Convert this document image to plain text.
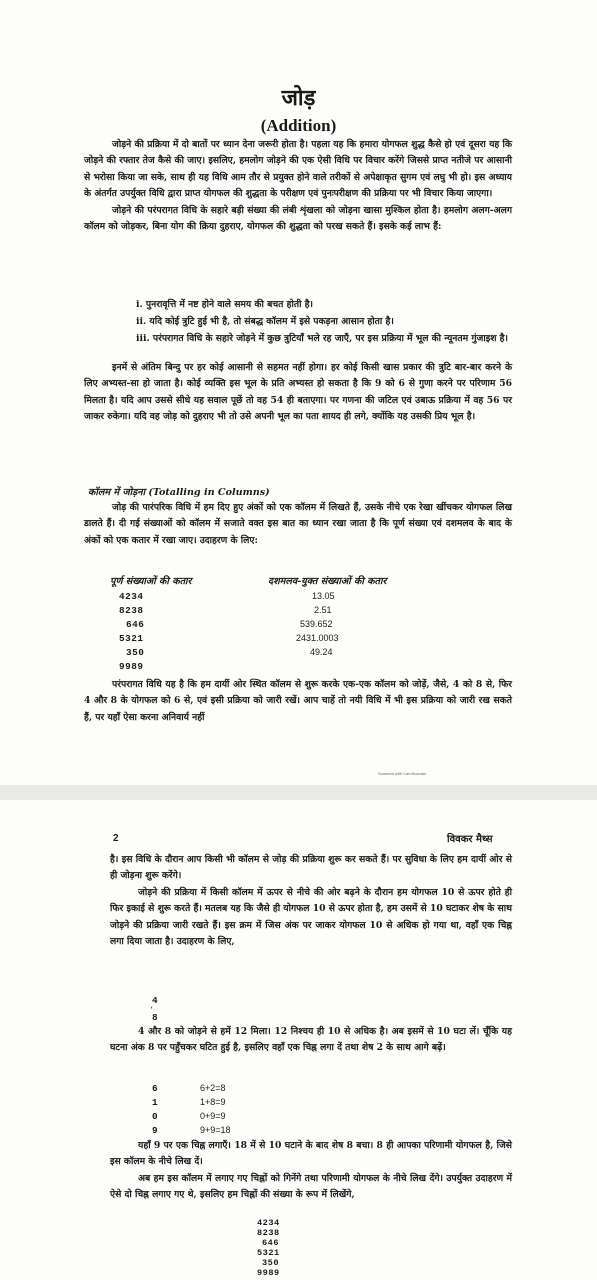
जोड़
(Addition)

जोड़ने की प्रक्रिया में दो बातों पर ध्यान देना जरूरी होता है। पहला यह कि हमारा योगफल शुद्ध कैसे हो एवं दूसरा यह कि जोड़ने की रफ्तार तेज कैसे की जाए। इसलिए, हमलोग जोड़ने की एक ऐसी विधि पर विचार करेंगे जिससे प्राप्त नतीजे पर आसानी से भरोसा किया जा सके, साथ ही यह विधि आम तौर से प्रयुक्त होने वाले तरीकों से अपेक्षाकृत सुगम एवं लघु भी हो। इस अध्याय के अंतर्गत उपर्युक्त विधि द्वारा प्राप्त योगफल की शुद्धता के परीक्षण एवं पुनःपरीक्षण की प्रक्रिया पर भी विचार किया जाएगा।

जोड़ने की परंपरागत विधि के सहारे बड़ी संख्या की लंबी शृंखला को जोड़ना खासा मुश्किल होता है। हमलोग अलग-अलग कॉलम को जोड़कर, बिना योग की क्रिया दुहराए, योगफल की शुद्धता को परख सकते हैं। इसके कई लाभ हैं:

i. पुनरावृत्ति में नष्ट होने वाले समय की बचत होती है।
ii. यदि कोई त्रुटि हुई भी है, तो संबद्ध कॉलम में इसे पकड़ना आसान होता है।
iii. परंपरागत विधि के सहारे जोड़ने में कुछ त्रुटियाँ भले रह जाएँ, पर इस प्रक्रिया में भूल की न्यूनतम गुंजाइश है।

इनमें से अंतिम बिन्दु पर हर कोई आसानी से सहमत नहीं होगा। हर कोई किसी खास प्रकार की त्रुटि बार-बार करने के लिए अभ्यस्त-सा हो जाता है। कोई व्यक्ति इस भूल के प्रति अभ्यस्त हो सकता है कि 9 को 6 से गुणा करने पर परिणाम 56 मिलता है। यदि आप उससे सीधे यह सवाल पूछें तो वह 54 ही बताएगा। पर गणना की जटिल एवं उबाऊ प्रक्रिया में वह 56 पर जाकर रुकेगा। यदि वह जोड़ को दुहराए भी तो उसे अपनी भूल का पता शायद ही लगे, क्योंकि यह उसकी प्रिय भूल है।

कॉलम में जोड़ना (Totalling in Columns)

जोड़ की पारंपरिक विधि में हम दिए हुए अंकों को एक कॉलम में लिखते हैं, उसके नीचे एक रेखा खींचकर योगफल लिख डालते हैं। दी गई संख्याओं को कॉलम में सजाते वक्त इस बात का ध्यान रखा जाता है कि पूर्ण संख्या एवं दशमलव के बाद के अंकों को एक कतार में रखा जाए। उदाहरण के लिए:

पूर्ण संख्याओं की कतार	दशमलव-युक्त संख्याओं की कतार
4234
8238
646
5321
350
9989
13.05
2.51
539.652
2431.0003
49.24

परंपरागत विधि यह है कि हम दायीं ओर स्थित कॉलम से शुरू करके एक-एक कॉलम को जोड़ें, जैसे, 4 को 8 से, फिर 4 और 8 के योगफल को 6 से, एवं इसी प्रक्रिया को जारी रखें। आप चाहें तो नयी विधि में भी इस प्रक्रिया को जारी रख सकते हैं, पर यहाँ ऐसा करना अनिवार्य नहीं

Scanned with CamScanner
2	विवकर मैथ्स

है। इस विधि के दौरान आप किसी भी कॉलम से जोड़ की प्रक्रिया शुरू कर सकते हैं। पर सुविधा के लिए हम दायीं ओर से ही जोड़ना शुरू करेंगे।

जोड़ने की प्रक्रिया में किसी कॉलम में ऊपर से नीचे की ओर बढ़ने के दौरान हम योगफल 10 से ऊपर होते ही फिर इकाई से शुरू करते हैं। मतलब यह कि जैसे ही योगफल 10 से ऊपर होता है, हम उसमें से 10 घटाकर शेष के साथ जोड़ने की प्रक्रिया जारी रखते हैं। इस क्रम में जिस अंक पर जाकर योगफल 10 से अधिक हो गया था, वहाँ एक चिह्न लगा दिया जाता है। उदाहरण के लिए,

4
‘
8

4 और 8 को जोड़ने से हमें 12 मिला। 12 निश्चय ही 10 से अधिक है। अब इसमें से 10 घटा लें। चूँकि यह घटना अंक 8 पर पहुँचकर घटित हुई है, इसलिए वहाँ एक चिह्न लगा दें तथा शेष 2 के साथ आगे बढ़ें।

6
1
0
9
6+2=8
1+8=9
0+9=9
9+9=18

यहाँ 9 पर एक चिह्न लगाएँ। 18 में से 10 घटाने के बाद शेष 8 बचा। 8 ही आपका परिणामी योगफल है, जिसे इस कॉलम के नीचे लिख दें।

अब हम इस कॉलम में लगाए गए चिह्नों को गिनेंगे तथा परिणामी योगफल के नीचे लिख देंगे। उपर्युक्त उदाहरण में ऐसे दो चिह्न लगाए गए थे, इसलिए हम चिह्नों की संख्या के रूप में लिखेंगे,

4234
8238
646
5321
350
9989
